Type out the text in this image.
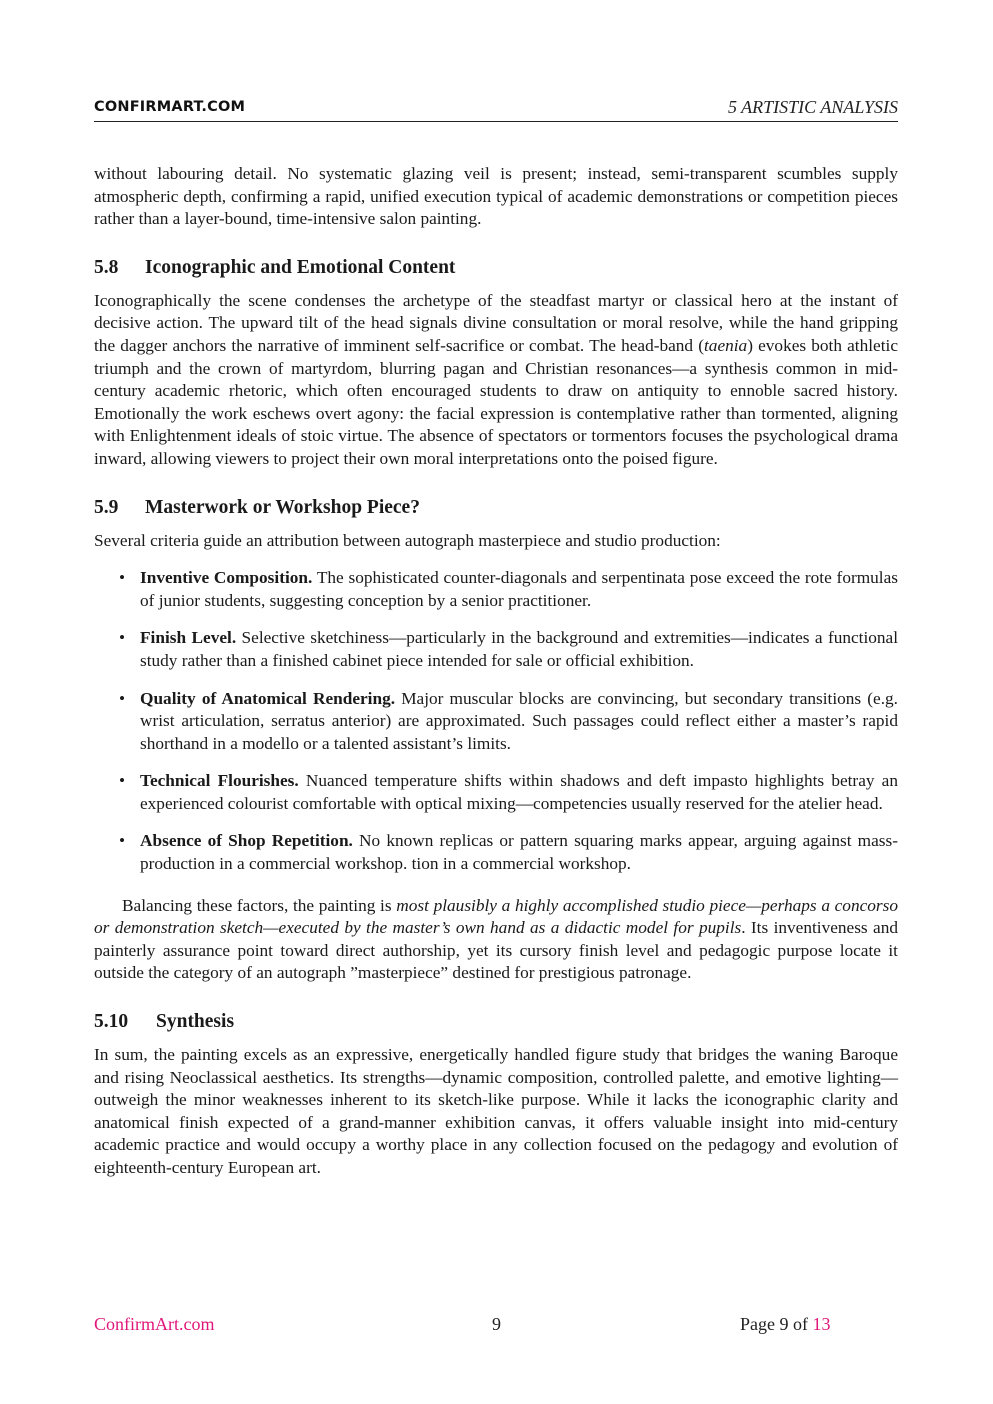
CONFIRMART.COM	5 ARTISTIC ANALYSIS

without labouring detail. No systematic glazing veil is present; instead, semi-transparent scumbles supply atmospheric depth, confirming a rapid, unified execution typical of academic demonstrations or competition pieces rather than a layer-bound, time-intensive salon painting.

5.8 Iconographic and Emotional Content

Iconographically the scene condenses the archetype of the steadfast martyr or classical hero at the instant of decisive action. The upward tilt of the head signals divine consultation or moral resolve, while the hand gripping the dagger anchors the narrative of imminent self-sacrifice or combat. The head-band (taenia) evokes both athletic triumph and the crown of martyrdom, blurring pagan and Christian resonances—a synthesis common in mid-century academic rhetoric, which often encouraged students to draw on antiquity to ennoble sacred history. Emotionally the work eschews overt agony: the facial expression is contemplative rather than tormented, aligning with Enlightenment ideals of stoic virtue. The absence of spectators or tormentors focuses the psychological drama inward, allowing viewers to project their own moral interpretations onto the poised figure.

5.9 Masterwork or Workshop Piece?

Several criteria guide an attribution between autograph masterpiece and studio production:

• Inventive Composition. The sophisticated counter-diagonals and serpentinata pose exceed the rote formulas of junior students, suggesting conception by a senior practitioner.
• Finish Level. Selective sketchiness—particularly in the background and extremities—indicates a functional study rather than a finished cabinet piece intended for sale or official exhibition.
• Quality of Anatomical Rendering. Major muscular blocks are convincing, but secondary transitions (e.g. wrist articulation, serratus anterior) are approximated. Such passages could reflect either a master’s rapid shorthand in a modello or a talented assistant’s limits.
• Technical Flourishes. Nuanced temperature shifts within shadows and deft impasto highlights betray an experienced colourist comfortable with optical mixing—competencies usually reserved for the atelier head.
• Absence of Shop Repetition. No known replicas or pattern squaring marks appear, arguing against mass-production in a commercial workshop. tion in a commercial workshop.

Balancing these factors, the painting is most plausibly a highly accomplished studio piece—perhaps a concorso or demonstration sketch—executed by the master’s own hand as a didactic model for pupils. Its inventiveness and painterly assurance point toward direct authorship, yet its cursory finish level and pedagogic purpose locate it outside the category of an autograph ”masterpiece” destined for prestigious patronage.

5.10 Synthesis

In sum, the painting excels as an expressive, energetically handled figure study that bridges the waning Baroque and rising Neoclassical aesthetics. Its strengths—dynamic composition, controlled palette, and emotive lighting—outweigh the minor weaknesses inherent to its sketch-like purpose. While it lacks the iconographic clarity and anatomical finish expected of a grand-manner exhibition canvas, it offers valuable insight into mid-century academic practice and would occupy a worthy place in any collection focused on the pedagogy and evolution of eighteenth-century European art.

ConfirmArt.com	9	Page 9 of 13
